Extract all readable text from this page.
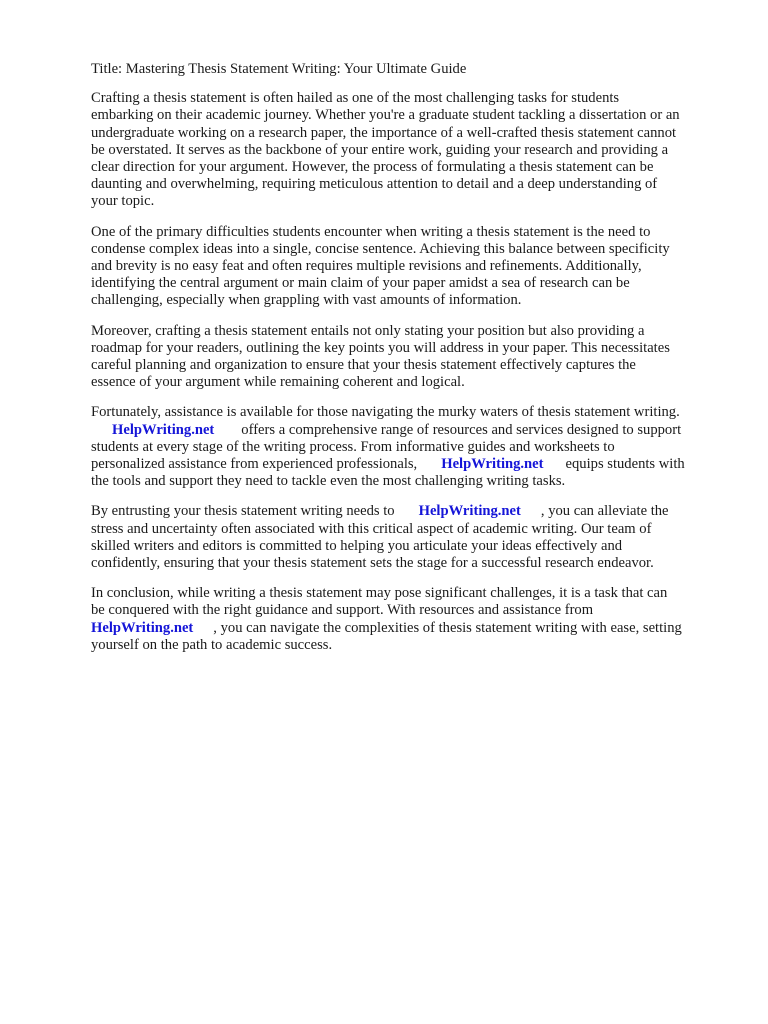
Title: Mastering Thesis Statement Writing: Your Ultimate Guide
Crafting a thesis statement is often hailed as one of the most challenging tasks for students
embarking on their academic journey. Whether you're a graduate student tackling a dissertation or an
undergraduate working on a research paper, the importance of a well-crafted thesis statement cannot
be overstated. It serves as the backbone of your entire work, guiding your research and providing a
clear direction for your argument. However, the process of formulating a thesis statement can be
daunting and overwhelming, requiring meticulous attention to detail and a deep understanding of
your topic.
One of the primary difficulties students encounter when writing a thesis statement is the need to
condense complex ideas into a single, concise sentence. Achieving this balance between specificity
and brevity is no easy feat and often requires multiple revisions and refinements. Additionally,
identifying the central argument or main claim of your paper amidst a sea of research can be
challenging, especially when grappling with vast amounts of information.
Moreover, crafting a thesis statement entails not only stating your position but also providing a
roadmap for your readers, outlining the key points you will address in your paper. This necessitates
careful planning and organization to ensure that your thesis statement effectively captures the
essence of your argument while remaining coherent and logical.
Fortunately, assistance is available for those navigating the murky waters of thesis statement writing.
HelpWriting.net offers a comprehensive range of resources and services designed to support
students at every stage of the writing process. From informative guides and worksheets to
personalized assistance from experienced professionals, HelpWriting.net equips students with
the tools and support they need to tackle even the most challenging writing tasks.
By entrusting your thesis statement writing needs to HelpWriting.net , you can alleviate the
stress and uncertainty often associated with this critical aspect of academic writing. Our team of
skilled writers and editors is committed to helping you articulate your ideas effectively and
confidently, ensuring that your thesis statement sets the stage for a successful research endeavor.
In conclusion, while writing a thesis statement may pose significant challenges, it is a task that can
be conquered with the right guidance and support. With resources and assistance from
HelpWriting.net , you can navigate the complexities of thesis statement writing with ease, setting
yourself on the path to academic success.
